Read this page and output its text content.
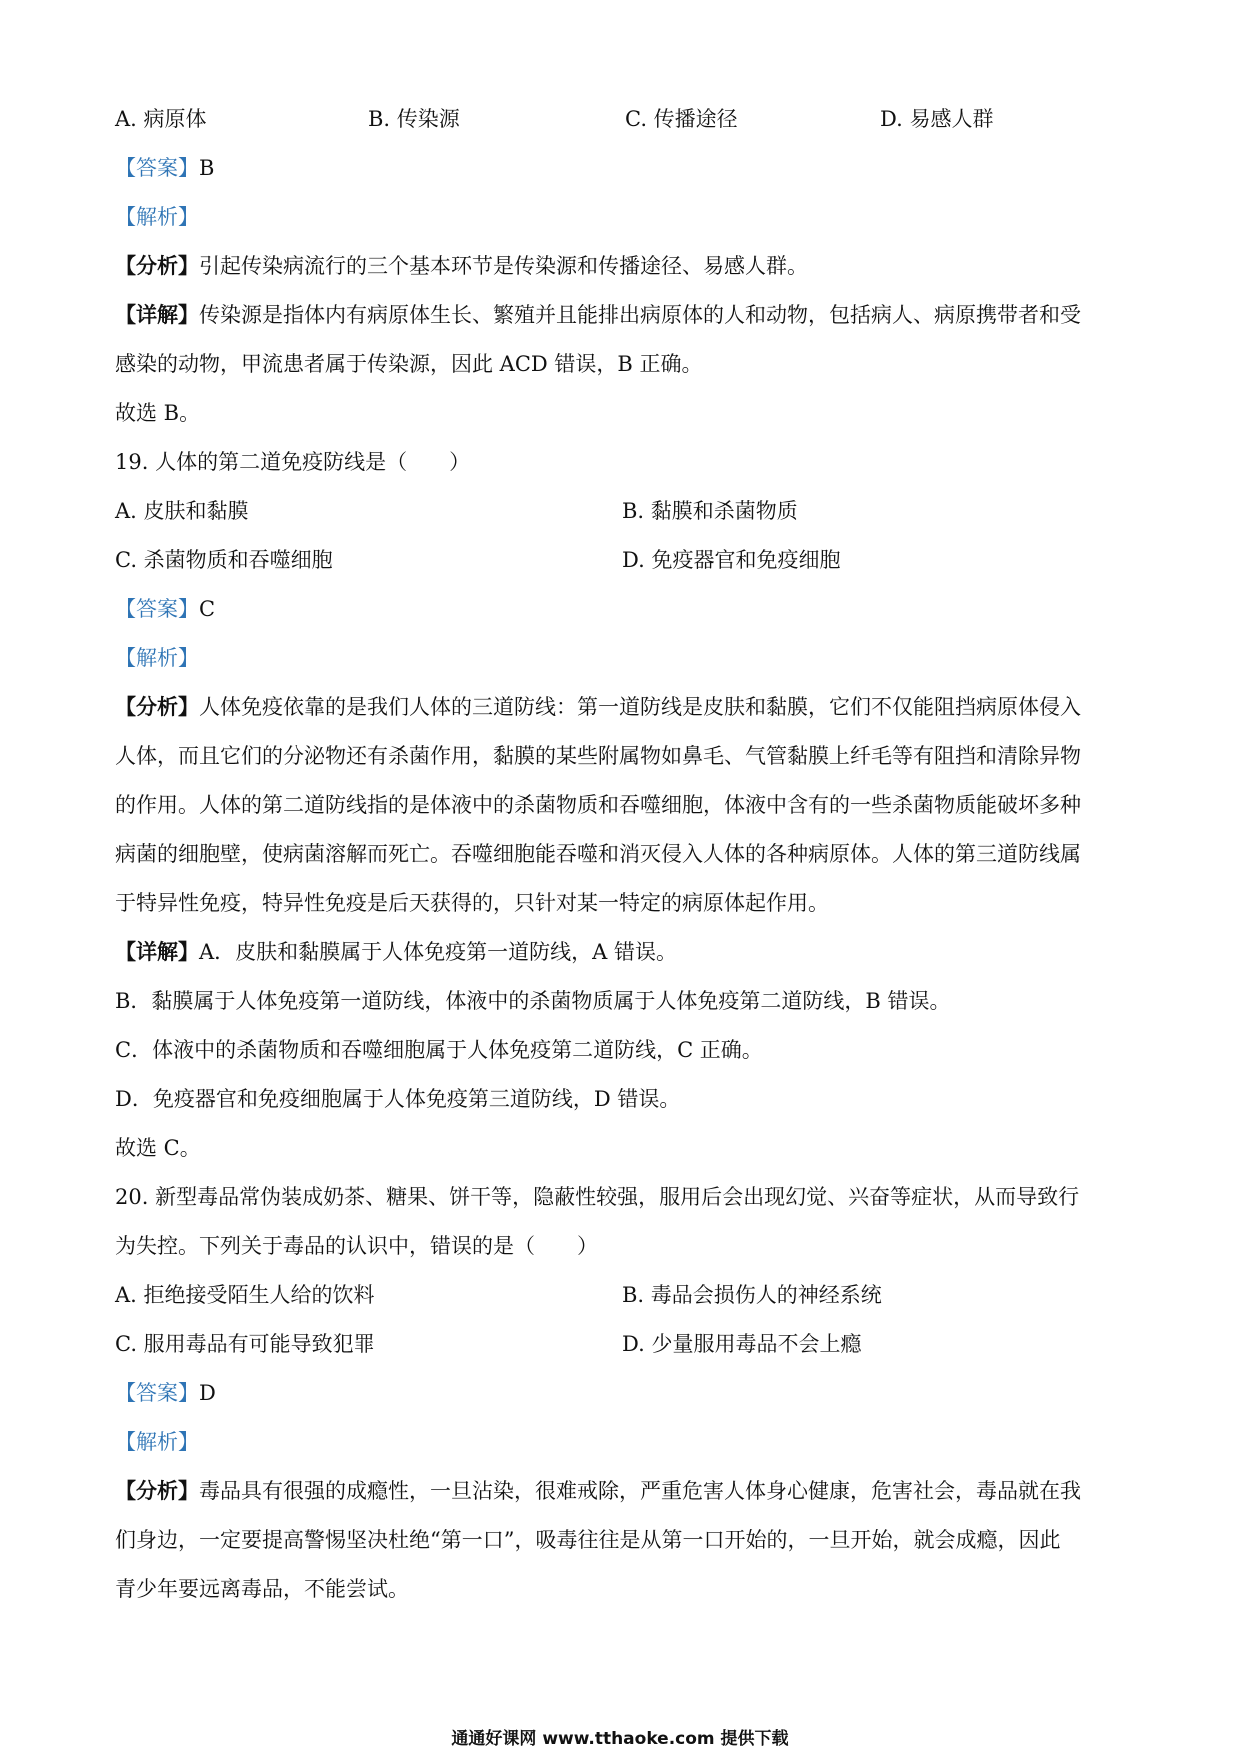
A. 病原体	B. 传染源	C. 传播途径	D. 易感人群
【答案】B
【解析】
【分析】引起传染病流行的三个基本环节是传染源和传播途径、易感人群。
【详解】传染源是指体内有病原体生长、繁殖并且能排出病原体的人和动物，包括病人、病原携带者和受
感染的动物，甲流患者属于传染源，因此 ACD 错误，B 正确。
故选 B。
19. 人体的第二道免疫防线是（　　）
A. 皮肤和黏膜	B. 黏膜和杀菌物质
C. 杀菌物质和吞噬细胞	D. 免疫器官和免疫细胞
【答案】C
【解析】
【分析】人体免疫依靠的是我们人体的三道防线：第一道防线是皮肤和黏膜，它们不仅能阻挡病原体侵入
人体，而且它们的分泌物还有杀菌作用，黏膜的某些附属物如鼻毛、气管黏膜上纤毛等有阻挡和清除异物
的作用。人体的第二道防线指的是体液中的杀菌物质和吞噬细胞，体液中含有的一些杀菌物质能破坏多种
病菌的细胞壁，使病菌溶解而死亡。吞噬细胞能吞噬和消灭侵入人体的各种病原体。人体的第三道防线属
于特异性免疫，特异性免疫是后天获得的，只针对某一特定的病原体起作用。
【详解】A．皮肤和黏膜属于人体免疫第一道防线，A 错误。
B．黏膜属于人体免疫第一道防线，体液中的杀菌物质属于人体免疫第二道防线，B 错误。
C．体液中的杀菌物质和吞噬细胞属于人体免疫第二道防线，C 正确。
D．免疫器官和免疫细胞属于人体免疫第三道防线，D 错误。
故选 C。
20. 新型毒品常伪装成奶茶、糖果、饼干等，隐蔽性较强，服用后会出现幻觉、兴奋等症状，从而导致行
为失控。下列关于毒品的认识中，错误的是（　　）
A. 拒绝接受陌生人给的饮料	B. 毒品会损伤人的神经系统
C. 服用毒品有可能导致犯罪	D. 少量服用毒品不会上瘾
【答案】D
【解析】
【分析】毒品具有很强的成瘾性，一旦沾染，很难戒除，严重危害人体身心健康，危害社会，毒品就在我
们身边，一定要提高警惕坚决杜绝“第一口”，吸毒往往是从第一口开始的，一旦开始，就会成瘾，因此
青少年要远离毒品，不能尝试。
通通好课网 www.tthaoke.com 提供下载
